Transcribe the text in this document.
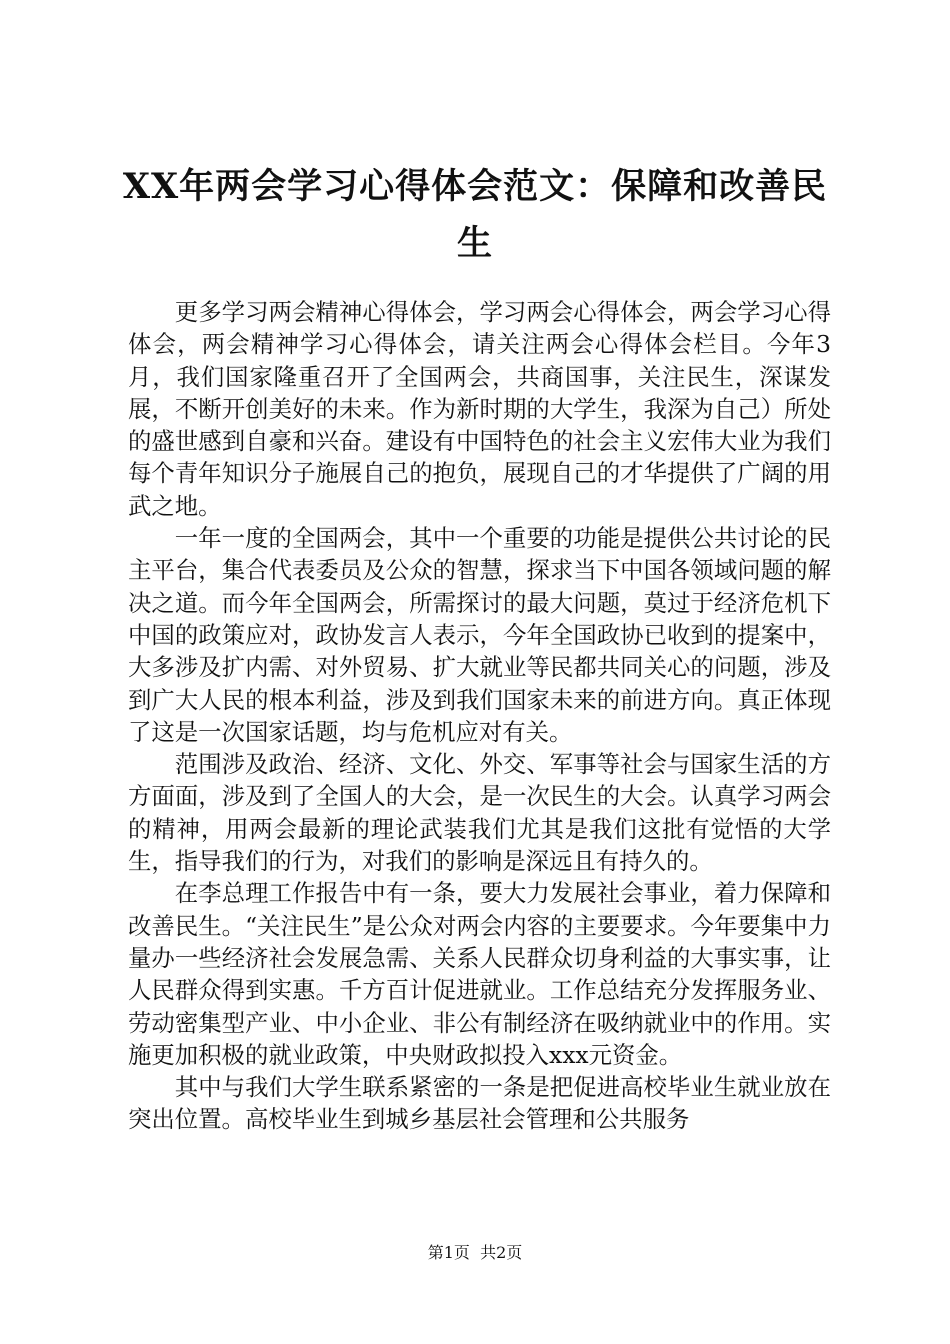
XX年两会学习心得体会范文：保障和改善民生

更多学习两会精神心得体会，学习两会心得体会，两会学习心得体会，两会精神学习心得体会，请关注两会心得体会栏目。今年3月，我们国家隆重召开了全国两会，共商国事，关注民生，深谋发展，不断开创美好的未来。作为新时期的大学生，我深为自己）所处的盛世感到自豪和兴奋。建设有中国特色的社会主义宏伟大业为我们每个青年知识分子施展自己的抱负，展现自己的才华提供了广阔的用武之地。

一年一度的全国两会，其中一个重要的功能是提供公共讨论的民主平台，集合代表委员及公众的智慧，探求当下中国各领域问题的解决之道。而今年全国两会，所需探讨的最大问题，莫过于经济危机下中国的政策应对，政协发言人表示，今年全国政协已收到的提案中，大多涉及扩内需、对外贸易、扩大就业等民都共同关心的问题，涉及到广大人民的根本利益，涉及到我们国家未来的前进方向。真正体现了这是一次国家话题，均与危机应对有关。

范围涉及政治、经济、文化、外交、军事等社会与国家生活的方方面面，涉及到了全国人的大会，是一次民生的大会。认真学习两会的精神，用两会最新的理论武装我们尤其是我们这批有觉悟的大学生，指导我们的行为，对我们的影响是深远且有持久的。

在李总理工作报告中有一条，要大力发展社会事业，着力保障和改善民生。“关注民生”是公众对两会内容的主要要求。今年要集中力量办一些经济社会发展急需、关系人民群众切身利益的大事实事，让人民群众得到实惠。千方百计促进就业。工作总结充分发挥服务业、劳动密集型产业、中小企业、非公有制经济在吸纳就业中的作用。实施更加积极的就业政策，中央财政拟投入xxx元资金。

其中与我们大学生联系紧密的一条是把促进高校毕业生就业放在突出位置。高校毕业生到城乡基层社会管理和公共服务

第1页 共2页
